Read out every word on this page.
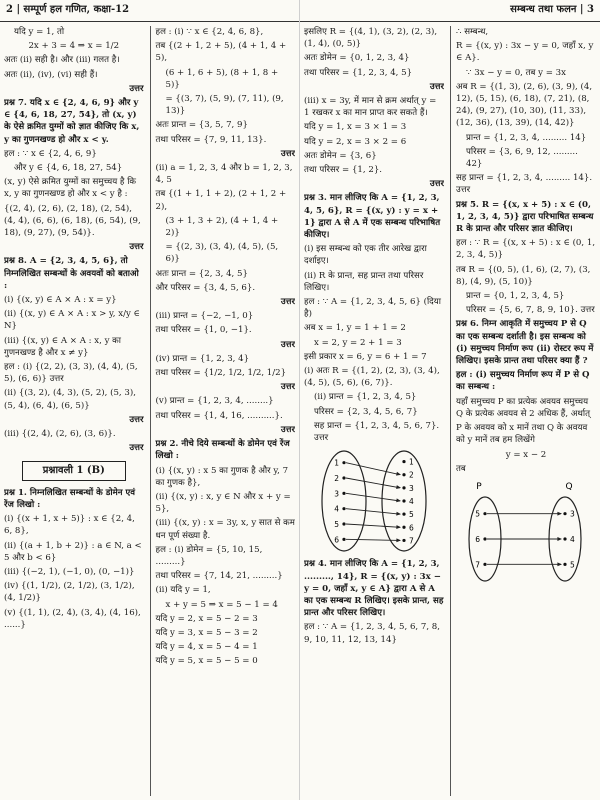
2 | सम्पूर्ण हल गणित, कक्षा-12

यदि y = 1, तो

2x + 3 = 4 ⇒ x = 1/2

अतः (ii) सही है। और (iii) गलत है।

अतः (ii), (iv), (vi) सही हैं।

उत्तर

प्रश्न 7. यदि x ∈ {2, 4, 6, 9} और y ∈ {4, 6, 18, 27, 54}, तो (x, y) के ऐसे क्रमित युग्मों को ज्ञात कीजिए कि x, y का गुणनखण्ड हो और x < y.

हल : ∵ x ∈ {2, 4, 6, 9}

और y ∈ {4, 6, 18, 27, 54}

(x, y) ऐसे क्रमित युग्मों का समुच्चय है कि x, y का गुणनखण्ड हो और x < y है :

{(2, 4), (2, 6), (2, 18), (2, 54), (4, 4), (6, 6), (6, 18), (6, 54), (9, 18), (9, 27), (9, 54)}.

उत्तर

प्रश्न 8. A = {2, 3, 4, 5, 6}, तो निम्नलिखित सम्बन्धों के अवयवों को बताओ :

(i) {(x, y) ∈ A × A : x = y}

(ii) {(x, y) ∈ A × A : x > y, x/y ∈ N}

(iii) {(x, y) ∈ A × A : x, y का गुणनखण्ड है और x ≠ y}

हल : (i) {(2, 2), (3, 3), (4, 4), (5, 5), (6, 6)} उत्तर

(ii) {(3, 2), (4, 3), (5, 2), (5, 3), (5, 4), (6, 4), (6, 5)}

उत्तर

(iii) {(2, 4), (2, 6), (3, 6)}.

उत्तर

प्रश्नावली 1 (B)

प्रश्न 1. निम्नलिखित सम्बन्धों के डोमेन एवं रेंज लिखो :

(i) {(x + 1, x + 5)} : x ∈ {2, 4, 6, 8},

(ii) {(a + 1, b + 2)} : a ∈ N, a < 5 और b < 6}

(iii) {(−2, 1), (−1, 0), (0, −1)}

(iv) {(1, 1/2), (2, 1/2), (3, 1/2), (4, 1/2)}

(v) {(1, 1), (2, 4), (3, 4), (4, 16), ......}

हल : (i) ∵ x ∈ {2, 4, 6, 8},

तब {(2 + 1, 2 + 5), (4 + 1, 4 + 5),

(6 + 1, 6 + 5), (8 + 1, 8 + 5)}

= {(3, 7), (5, 9), (7, 11), (9, 13)}

अतः प्रान्त = {3, 5, 7, 9}

तथा परिसर = {7, 9, 11, 13}.

उत्तर

(ii) a = 1, 2, 3, 4 और b = 1, 2, 3, 4, 5

तब {(1 + 1, 1 + 2), (2 + 1, 2 + 2),

(3 + 1, 3 + 2), (4 + 1, 4 + 2)}

= {(2, 3), (3, 4), (4, 5), (5, 6)}

अतः प्रान्त = {2, 3, 4, 5}

और परिसर = {3, 4, 5, 6}.

उत्तर

(iii) प्रान्त = {−2, −1, 0}

तथा परिसर = {1, 0, −1}.

उत्तर

(iv) प्रान्त = {1, 2, 3, 4}

तथा परिसर = {1/2, 1/2, 1/2, 1/2}

उत्तर

(v) प्रान्त = {1, 2, 3, 4, ........}

तथा परिसर = {1, 4, 16, ..........}.

उत्तर

प्रश्न 2. नीचे दिये सम्बन्धों के डोमेन एवं रेंज लिखो :

(i) {(x, y) : x 5 का गुणक है और y, 7 का गुणक है},

(ii) {(x, y) : x, y ∈ N और x + y = 5},

(iii) {(x, y) : x = 3y, x, y सात से कम धन पूर्ण संख्या है.

हल : (i) डोमेन = {5, 10, 15, .........}

तथा परिसर = {7, 14, 21, .........}

(ii) यदि y = 1,

x + y = 5 ⇒ x = 5 − 1 = 4

यदि y = 2, x = 5 − 2 = 3

यदि y = 3, x = 5 − 3 = 2

यदि y = 4, x = 5 − 4 = 1

यदि y = 5, x = 5 − 5 = 0

सम्बन्ध तथा फलन | 3

इसलिए R = {(4, 1), (3, 2), (2, 3), (1, 4), (0, 5)}

अतः डोमेन = {0, 1, 2, 3, 4}

तथा परिसर = {1, 2, 3, 4, 5}

उत्तर

(iii) x = 3y, में मान से क्रम अर्थात् y = 1 रखकर x का मान प्राप्त कर सकते हैं।

यदि y = 1, x = 3 × 1 = 3

यदि y = 2, x = 3 × 2 = 6

अतः डोमेन = {3, 6}

तथा परिसर = {1, 2}.

उत्तर

प्रश्न 3. मान लीजिए कि A = {1, 2, 3, 4, 5, 6}, R = {(x, y) : y = x + 1} द्वारा A से A में एक सम्बन्ध परिभाषित कीजिए।

(i) इस सम्बन्ध को एक तीर आरेख द्वारा दर्शाइए।

(ii) R के प्रान्त, सह प्रान्त तथा परिसर लिखिए।

हल : ∵ A = {1, 2, 3, 4, 5, 6} (दिया है)

अब x = 1, y = 1 + 1 = 2

x = 2, y = 2 + 1 = 3

इसी प्रकार x = 6, y = 6 + 1 = 7

(i) अतः R = {(1, 2), (2, 3), (3, 4), (4, 5), (5, 6), (6, 7)}.

(ii) प्रान्त = {1, 2, 3, 4, 5}

परिसर = {2, 3, 4, 5, 6, 7}

सह प्रान्त = {1, 2, 3, 4, 5, 6, 7}. उत्तर

1
2
3
4
5
6
1
2
3
4
5
6
7

प्रश्न 4. मान लीजिए कि A = {1, 2, 3, ........., 14}, R = {(x, y) : 3x − y = 0, जहाँ x, y ∈ A} द्वारा A से A का एक सम्बन्ध R लिखिए। इसके प्रान्त, सह प्रान्त और परिसर लिखिए।

हल : ∵ A = {1, 2, 3, 4, 5, 6, 7, 8, 9, 10, 11, 12, 13, 14}

∴ सम्बन्ध,

R = {(x, y) : 3x − y = 0, जहाँ x, y ∈ A}.

∵ 3x − y = 0, तब y = 3x

अब R = {(1, 3), (2, 6), (3, 9), (4, 12), (5, 15), (6, 18), (7, 21), (8, 24), (9, 27), (10, 30), (11, 33), (12, 36), (13, 39), (14, 42)}

प्रान्त = {1, 2, 3, 4, ......... 14}

परिसर = {3, 6, 9, 12, ......... 42}

सह प्रान्त = {1, 2, 3, 4, ......... 14}. उत्तर

प्रश्न 5. R = {(x, x + 5) : x ∈ (0, 1, 2, 3, 4, 5)} द्वारा परिभाषित सम्बन्ध R के प्रान्त और परिसर ज्ञात कीजिए।

हल : ∵ R = {(x, x + 5) : x ∈ (0, 1, 2, 3, 4, 5)}

तब R = {(0, 5), (1, 6), (2, 7), (3, 8), (4, 9), (5, 10)}

प्रान्त = {0, 1, 2, 3, 4, 5}

परिसर = {5, 6, 7, 8, 9, 10}. उत्तर

प्रश्न 6. निम्न आकृति में समुच्चय P से Q का एक सम्बन्ध दर्शाती है। इस सम्बन्ध को (i) समुच्चय निर्माण रूप (ii) रोस्टर रूप में लिखिए। इसके प्रान्त तथा परिसर क्या हैं ?

हल : (i) समुच्चय निर्माण रूप में P से Q का सम्बन्ध :

यहाँ समुच्चय P का प्रत्येक अवयव समुच्चय Q के प्रत्येक अवयव से 2 अधिक हैं, अर्थात्

P के अवयव को x मानें तथा Q के अवयव को y मानें तब हम लिखेंगे

y = x − 2

तब

P	Q
5
6
7
3
4
5
